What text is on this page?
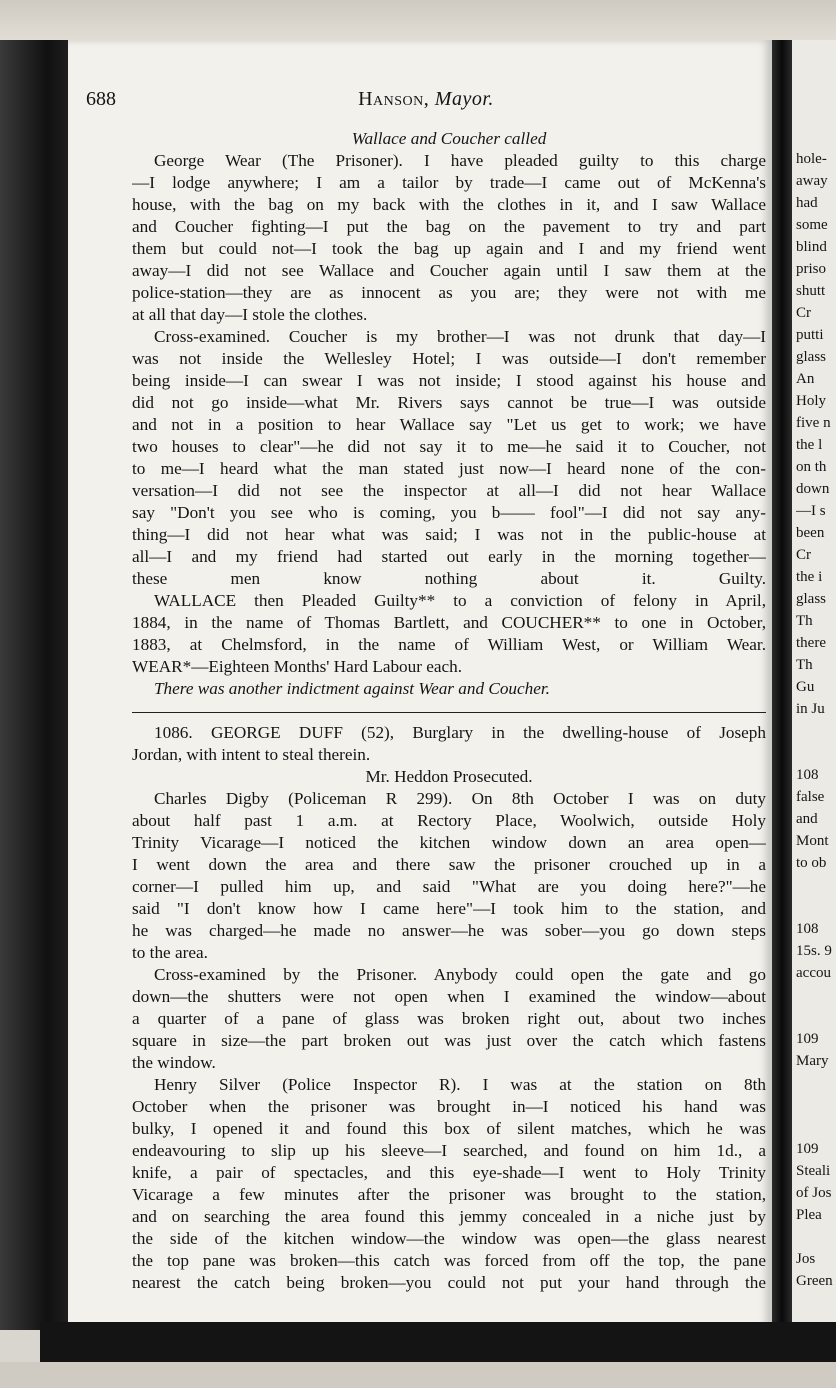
688	Hanson, Mayor.
Wallace and Coucher called
George Wear (The Prisoner). I have pleaded guilty to this charge
—I lodge anywhere; I am a tailor by trade—I came out of McKenna's
house, with the bag on my back with the clothes in it, and I saw Wallace
and Coucher fighting—I put the bag on the pavement to try and part
them but could not—I took the bag up again and I and my friend went
away—I did not see Wallace and Coucher again until I saw them at the
police-station—they are as innocent as you are; they were not with me
at all that day—I stole the clothes.
Cross-examined. Coucher is my brother—I was not drunk that day—I
was not inside the Wellesley Hotel; I was outside—I don't remember
being inside—I can swear I was not inside; I stood against his house and
did not go inside—what Mr. Rivers says cannot be true—I was outside
and not in a position to hear Wallace say "Let us get to work; we have
two houses to clear"—he did not say it to me—he said it to Coucher, not
to me—I heard what the man stated just now—I heard none of the con-
versation—I did not see the inspector at all—I did not hear Wallace
say "Don't you see who is coming, you b—— fool"—I did not say any-
thing—I did not hear what was said; I was not in the public-house at
all—I and my friend had started out early in the morning together—
these men know nothing about it. Guilty.
WALLACE then Pleaded Guilty** to a conviction of felony in April,
1884, in the name of Thomas Bartlett, and COUCHER** to one in October,
1883, at Chelmsford, in the name of William West, or William Wear.
WEAR*—Eighteen Months' Hard Labour each.
There was another indictment against Wear and Coucher.
1086. GEORGE DUFF (52), Burglary in the dwelling-house of Joseph
Jordan, with intent to steal therein.
Mr. Heddon Prosecuted.
Charles Digby (Policeman R 299). On 8th October I was on duty
about half past 1 a.m. at Rectory Place, Woolwich, outside Holy
Trinity Vicarage—I noticed the kitchen window down an area open—
I went down the area and there saw the prisoner crouched up in a
corner—I pulled him up, and said "What are you doing here?"—he
said "I don't know how I came here"—I took him to the station, and
he was charged—he made no answer—he was sober—you go down steps
to the area.
Cross-examined by the Prisoner. Anybody could open the gate and go
down—the shutters were not open when I examined the window—about
a quarter of a pane of glass was broken right out, about two inches
square in size—the part broken out was just over the catch which fastens
the window.
Henry Silver (Police Inspector R). I was at the station on 8th
October when the prisoner was brought in—I noticed his hand was
bulky, I opened it and found this box of silent matches, which he was
endeavouring to slip up his sleeve—I searched, and found on him 1d., a
knife, a pair of spectacles, and this eye-shade—I went to Holy Trinity
Vicarage a few minutes after the prisoner was brought to the station,
and on searching the area found this jemmy concealed in a niche just by
the side of the kitchen window—the window was open—the glass nearest
the top pane was broken—this catch was forced from off the top, the pane
nearest the catch being broken—you could not put your hand through the
hole-
away
had
some
blind
priso
shutt
Cr
putti
glass
An
Holy
five n
the l
on th
down
—I s
been
Cr
the i
glass
Th
there
Th
Gu
in Ju
108
false
and
Mont
to ob
108
15s. 9
accou
109
Mary
109
Steali
of Jos
Plea
Jos
Green
